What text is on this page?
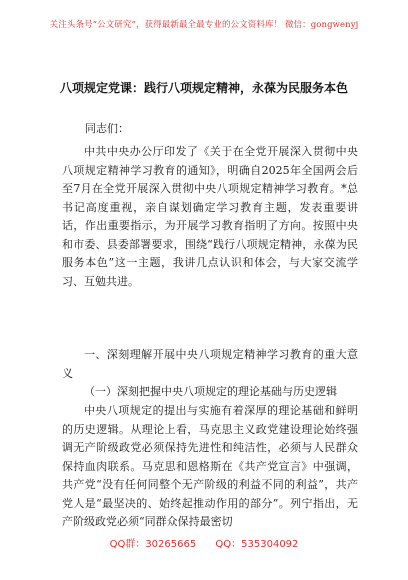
关注头条号“公文研究”，获得最新最全最专业的公文资料库！ 微信：gongwenyj
八项规定党课：践行八项规定精神，永葆为民服务本色
同志们：

中共中央办公厅印发了《关于在全党开展深入贯彻中央八项规定精神学习教育的通知》，明确自2025年全国两会后至7月在全党开展深入贯彻中央八项规定精神学习教育。*总书记高度重视，亲自谋划确定学习教育主题，发表重要讲话，作出重要指示，为开展学习教育指明了方向。按照中央和市委、县委部署要求，围绕“践行八项规定精神，永葆为民服务本色”这一主题，我讲几点认识和体会，与大家交流学习、互勉共进。

一、深刻理解开展中央八项规定精神学习教育的重大意义

（一）深刻把握中央八项规定的理论基础与历史逻辑

中央八项规定的提出与实施有着深厚的理论基础和鲜明的历史逻辑。从理论上看，马克思主义政党建设理论始终强调无产阶级政党必须保持先进性和纯洁性，必须与人民群众保持血肉联系。马克思和恩格斯在《共产党宣言》中强调，共产党“没有任何同整个无产阶级的利益不同的利益”，共产党人是“最坚决的、始终起推动作用的部分”。列宁指出，无产阶级政党必须“同群众保持最密切

QQ群：30265665 QQ：535304092
